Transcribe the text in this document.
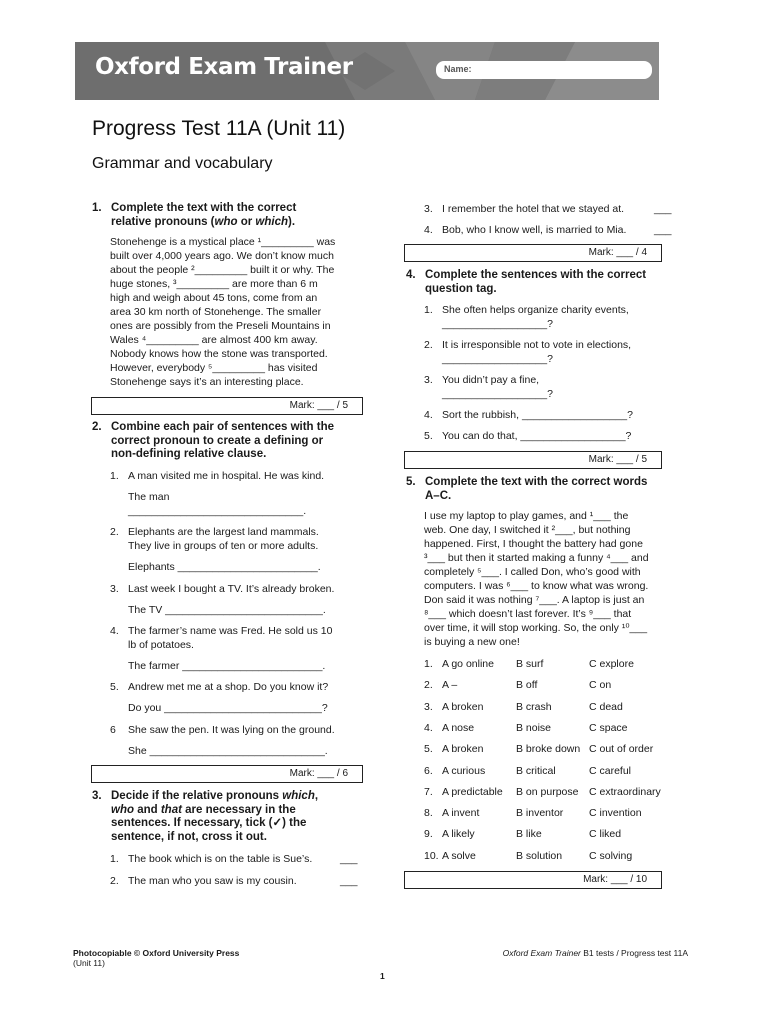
Oxford Exam Trainer	Name:
Progress Test 11A (Unit 11)
Grammar and vocabulary
1. Complete the text with the correct
relative pronouns (who or which).
Stonehenge is a mystical place ¹_________ was
built over 4,000 years ago. We don’t know much
about the people ²_________ built it or why. The
huge stones, ³_________ are more than 6 m
high and weigh about 45 tons, come from an
area 30 km north of Stonehenge. The smaller
ones are possibly from the Preseli Mountains in
Wales ⁴_________ are almost 400 km away.
Nobody knows how the stone was transported.
However, everybody ⁵_________ has visited
Stonehenge says it’s an interesting place.
Mark: ___ / 5
2. Combine each pair of sentences with the
correct pronoun to create a defining or
non-defining relative clause.
1. A man visited me in hospital. He was kind.
The man
______________________________.
2. Elephants are the largest land mammals.
They live in groups of ten or more adults.
Elephants ________________________.
3. Last week I bought a TV. It’s already broken.
The TV ___________________________.
4. The farmer’s name was Fred. He sold us 10
lb of potatoes.
The farmer ________________________.
5. Andrew met me at a shop. Do you know it?
Do you ___________________________?
6 She saw the pen. It was lying on the ground.
She ______________________________.
Mark: ___ / 6
3. Decide if the relative pronouns which,
who and that are necessary in the
sentences. If necessary, tick (✓) the
sentence, if not, cross it out.
1. The book which is on the table is Sue’s.	___
2. The man who you saw is my cousin.	___
3. I remember the hotel that we stayed at.	___
4. Bob, who I know well, is married to Mia.	___
Mark: ___ / 4
4. Complete the sentences with the correct
question tag.
1. She often helps organize charity events,
__________________?
2. It is irresponsible not to vote in elections,
__________________?
3. You didn’t pay a fine,
__________________?
4. Sort the rubbish, __________________?
5. You can do that, __________________?
Mark: ___ / 5
5. Complete the text with the correct words
A–C.
I use my laptop to play games, and ¹___ the
web. One day, I switched it ²___, but nothing
happened. First, I thought the battery had gone
³___ but then it started making a funny ⁴___ and
completely ⁵___. I called Don, who’s good with
computers. I was ⁶___ to know what was wrong.
Don said it was nothing ⁷___. A laptop is just an
⁸___ which doesn’t last forever. It’s ⁹___ that
over time, it will stop working. So, the only ¹⁰___
is buying a new one!
1. A go online B surf	C explore
2. A –	B off	C on
3. A broken	B crash	C dead
4. A nose	B noise	C space
5. A broken	B broke down C out of order
6. A curious	B critical	C careful
7. A predictable B on purpose C extraordinary
8. A invent	B inventor C invention
9. A likely	B like	C liked
10. A solve	B solution	C solving
Mark: ___ / 10
Photocopiable © Oxford University Press
(Unit 11)
Oxford Exam Trainer B1 tests / Progress test 11A
1
